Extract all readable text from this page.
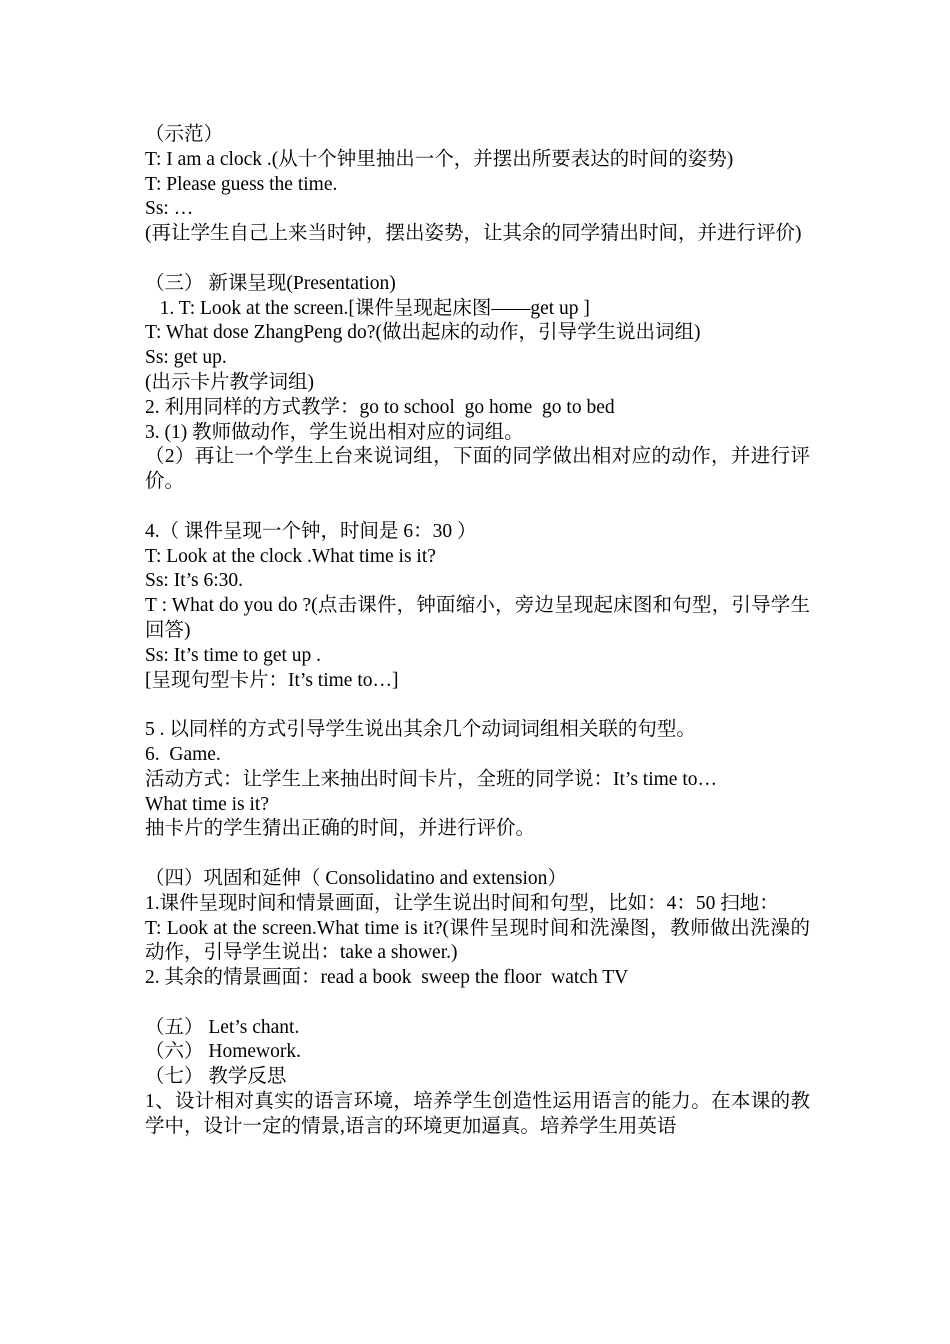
（示范）
T: I am a clock .(从十个钟里抽出一个，并摆出所要表达的时间的姿势)
T: Please guess the time.
Ss: …
(再让学生自己上来当时钟，摆出姿势，让其余的同学猜出时间，并进行评价)
（三） 新课呈现(Presentation)
1. T: Look at the screen.[课件呈现起床图——get up ]
T: What dose ZhangPeng do?(做出起床的动作，引导学生说出词组)
Ss: get up.
(出示卡片教学词组)
2. 利用同样的方式教学：go to school  go home  go to bed
3. (1) 教师做动作，学生说出相对应的词组。
（2）再让一个学生上台来说词组，下面的同学做出相对应的动作，并进行评价。
4.（ 课件呈现一个钟，时间是 6：30 ）
T: Look at the clock .What time is it?
Ss: It’s 6:30.
T : What do you do ?(点击课件，钟面缩小，旁边呈现起床图和句型，引导学生回答)
Ss: It’s time to get up .
[呈现句型卡片：It’s time to…]
5 . 以同样的方式引导学生说出其余几个动词词组相关联的句型。
6.  Game.
活动方式：让学生上来抽出时间卡片，全班的同学说：It’s time to…
What time is it?
抽卡片的学生猜出正确的时间，并进行评价。
（四）巩固和延伸（ Consolidatino and extension）
1.课件呈现时间和情景画面，让学生说出时间和句型，比如：4：50 扫地：
T: Look at the screen.What time is it?(课件呈现时间和洗澡图，教师做出洗澡的动作，引导学生说出：take a shower.)
2. 其余的情景画面：read a book  sweep the floor  watch TV
（五） Let’s chant.
（六） Homework.
（七） 教学反思
1、设计相对真实的语言环境，培养学生创造性运用语言的能力。在本课的教学中，设计一定的情景,语言的环境更加逼真。培养学生用英语
